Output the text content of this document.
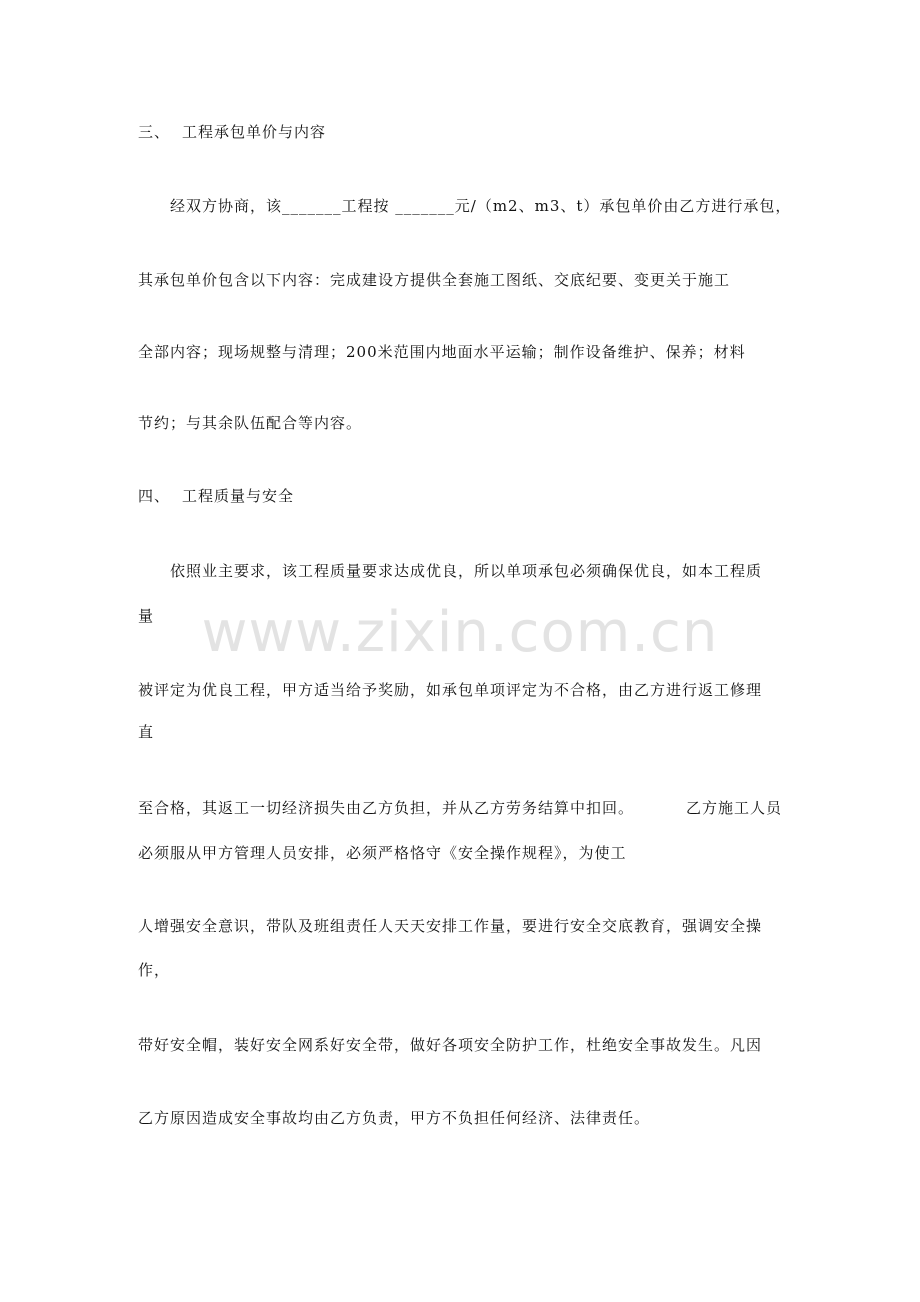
www.zixin.com.cn
三、 工程承包单价与内容
经双方协商，该_______工程按 _______元/（m2、m3、t）承包单价由乙方进行承包，
其承包单价包含以下内容：完成建设方提供全套施工图纸、交底纪要、变更关于施工
全部内容；现场规整与清理；200米范围内地面水平运输；制作设备维护、保养；材料
节约；与其余队伍配合等内容。
四、 工程质量与安全
依照业主要求，该工程质量要求达成优良，所以单项承包必须确保优良，如本工程质
量
被评定为优良工程，甲方适当给予奖励，如承包单项评定为不合格，由乙方进行返工修理
直
至合格，其返工一切经济损失由乙方负担，并从乙方劳务结算中扣回。	乙方施工人员
必须服从甲方管理人员安排，必须严格恪守《安全操作规程》，为使工
人增强安全意识，带队及班组责任人天天安排工作量，要进行安全交底教育，强调安全操
作，
带好安全帽，装好安全网系好安全带，做好各项安全防护工作，杜绝安全事故发生。凡因
乙方原因造成安全事故均由乙方负责，甲方不负担任何经济、法律责任。
